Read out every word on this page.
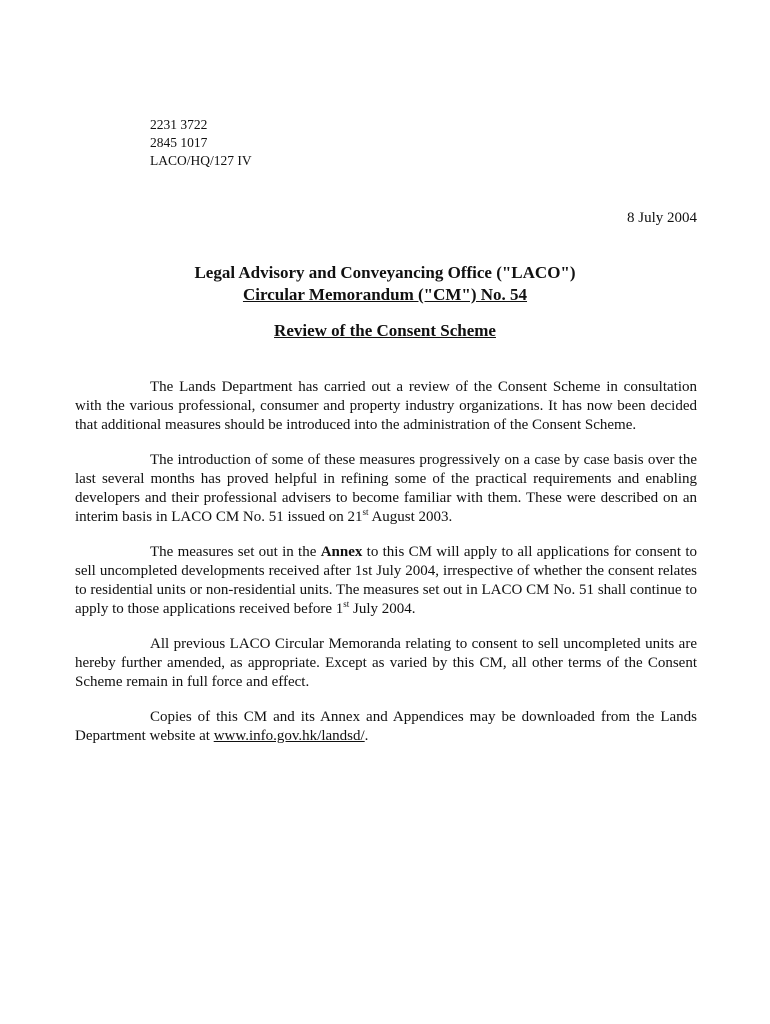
2231 3722
2845 1017
LACO/HQ/127 IV
8 July 2004
Legal Advisory and Conveyancing Office ("LACO")
Circular Memorandum ("CM") No. 54
Review of the Consent Scheme

The Lands Department has carried out a review of the Consent Scheme in consultation with the various professional, consumer and property industry organizations. It has now been decided that additional measures should be introduced into the administration of the Consent Scheme.

The introduction of some of these measures progressively on a case by case basis over the last several months has proved helpful in refining some of the practical requirements and enabling developers and their professional advisers to become familiar with them. These were described on an interim basis in LACO CM No. 51 issued on 21st August 2003.

The measures set out in the Annex to this CM will apply to all applications for consent to sell uncompleted developments received after 1st July 2004, irrespective of whether the consent relates to residential units or non-residential units. The measures set out in LACO CM No. 51 shall continue to apply to those applications received before 1st July 2004.

All previous LACO Circular Memoranda relating to consent to sell uncompleted units are hereby further amended, as appropriate. Except as varied by this CM, all other terms of the Consent Scheme remain in full force and effect.

Copies of this CM and its Annex and Appendices may be downloaded from the Lands Department website at www.info.gov.hk/landsd/.
